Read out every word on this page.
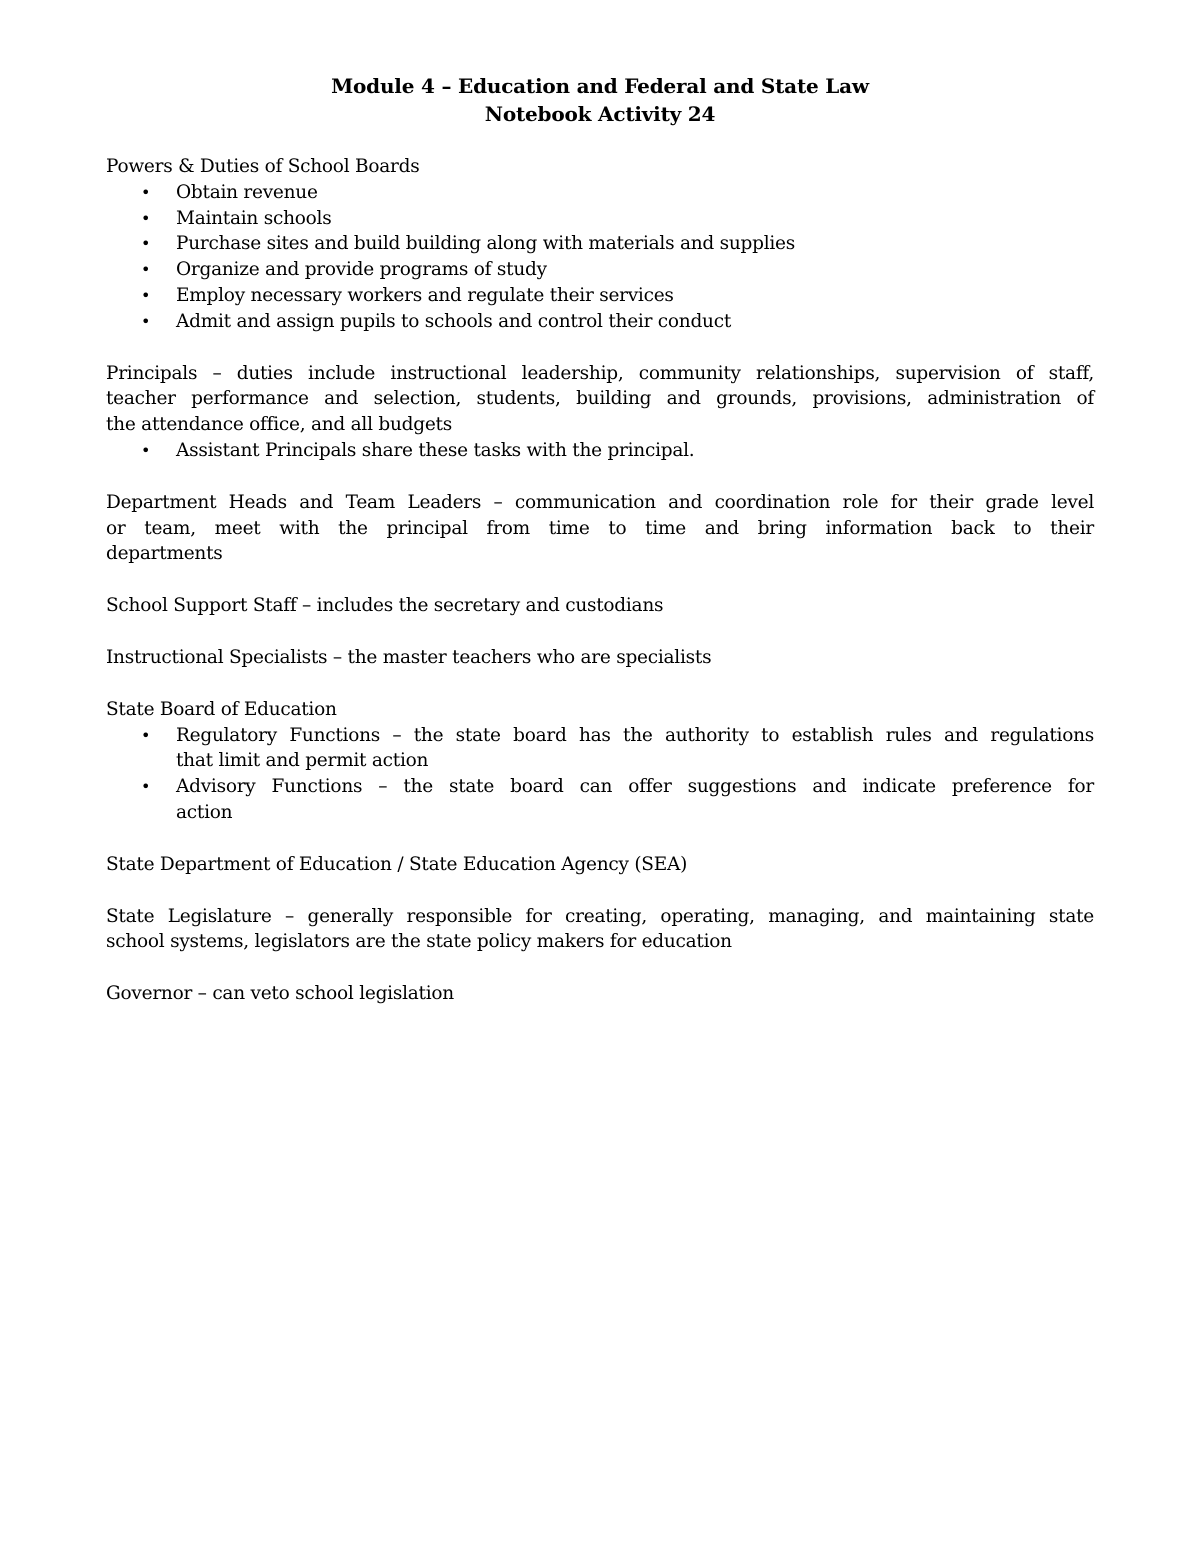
Module 4 – Education and Federal and State Law
Notebook Activity 24
Powers & Duties of School Boards
• Obtain revenue
• Maintain schools
• Purchase sites and build building along with materials and supplies
• Organize and provide programs of study
• Employ necessary workers and regulate their services
• Admit and assign pupils to schools and control their conduct
Principals – duties include instructional leadership, community relationships, supervision of staff,
teacher performance and selection, students, building and grounds, provisions, administration of
the attendance office, and all budgets
• Assistant Principals share these tasks with the principal.
Department Heads and Team Leaders – communication and coordination role for their grade level
or team, meet with the principal from time to time and bring information back to their
departments
School Support Staff – includes the secretary and custodians
Instructional Specialists – the master teachers who are specialists
State Board of Education
• Regulatory Functions – the state board has the authority to establish rules and regulations
that limit and permit action
• Advisory Functions – the state board can offer suggestions and indicate preference for
action
State Department of Education / State Education Agency (SEA)
State Legislature – generally responsible for creating, operating, managing, and maintaining state
school systems, legislators are the state policy makers for education
Governor – can veto school legislation
